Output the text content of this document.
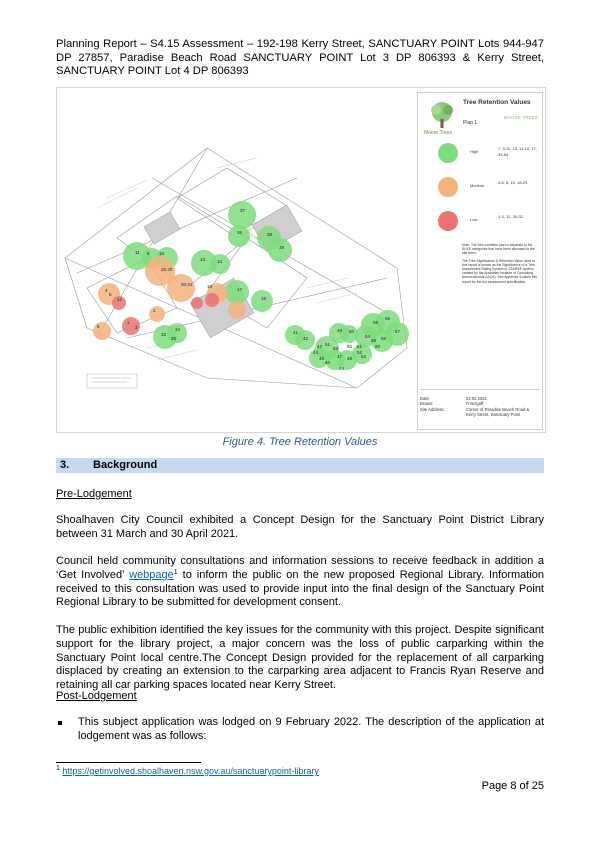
Planning Report – S4.15 Assessment – 192-198 Kerry Street, SANCTUARY POINT Lots 944-947 DP 27857, Paradise Beach Road SANCTUARY POINT Lot 3 DP 806393 & Kerry Street, SANCTUARY POINT Lot 4 DP 806393
37
36	38
39
11 9 10
13	14
26-29
20-21	18
17
16
4
5
6
2
1
3
12
33
34
35
41
42
43
44
45
46
47 48
49 50
51
52
53
54
55
56
57
58
59
60
61
62
63
64
Moore Trees
Tree Retention Values
MOORE TREES
Plan 1
High
7, 9-11, 13, 14,16, 17, 33-64
Medium
4-6, 8, 15, 18-29
Low
1-3, 12, 30-32

Note: The tree condition plan is separate to the SULE categories that have been allocated to the site trees.

The Tree Significance & Retention Value used in this report is known as the Significance of a Tree, Assessment Rating System or STARS® system created by the Australian Institute of Consulting Arboriculturists (IACA). See Appendix 3 within this report for the full assessment specification.

Date:	22.02.2021
Drawn:	P.Vezgoff
Site Address:	Corner of Paradise Beach Road & Kerry Street, Sanctuary Point
Figure 4. Tree Retention Values
3. Background
Pre-Lodgement
Shoalhaven City Council exhibited a Concept Design for the Sanctuary Point District Library between 31 March and 30 April 2021.
Council held community consultations and information sessions to receive feedback in addition a ‘Get Involved’ webpage$^1$ to inform the public on the new proposed Regional Library. Information received to this consultation was used to provide input into the final design of the Sanctuary Point Regional Library to be submitted for development consent.
The public exhibition identified the key issues for the community with this project. Despite significant support for the library project, a major concern was the loss of public carparking within the Sanctuary Point local centre.The Concept Design provided for the replacement of all carparking displaced by creating an extension to the carparking area adjacent to Francis Ryan Reserve and retaining all car parking spaces located near Kerry Street.
Post-Lodgement
This subject application was lodged on 9 February 2022. The description of the application at lodgement was as follows:
$^1$ https://getinvolved.shoalhaven.nsw.gov.au/sanctuarypoint-library
Page 8 of 25
